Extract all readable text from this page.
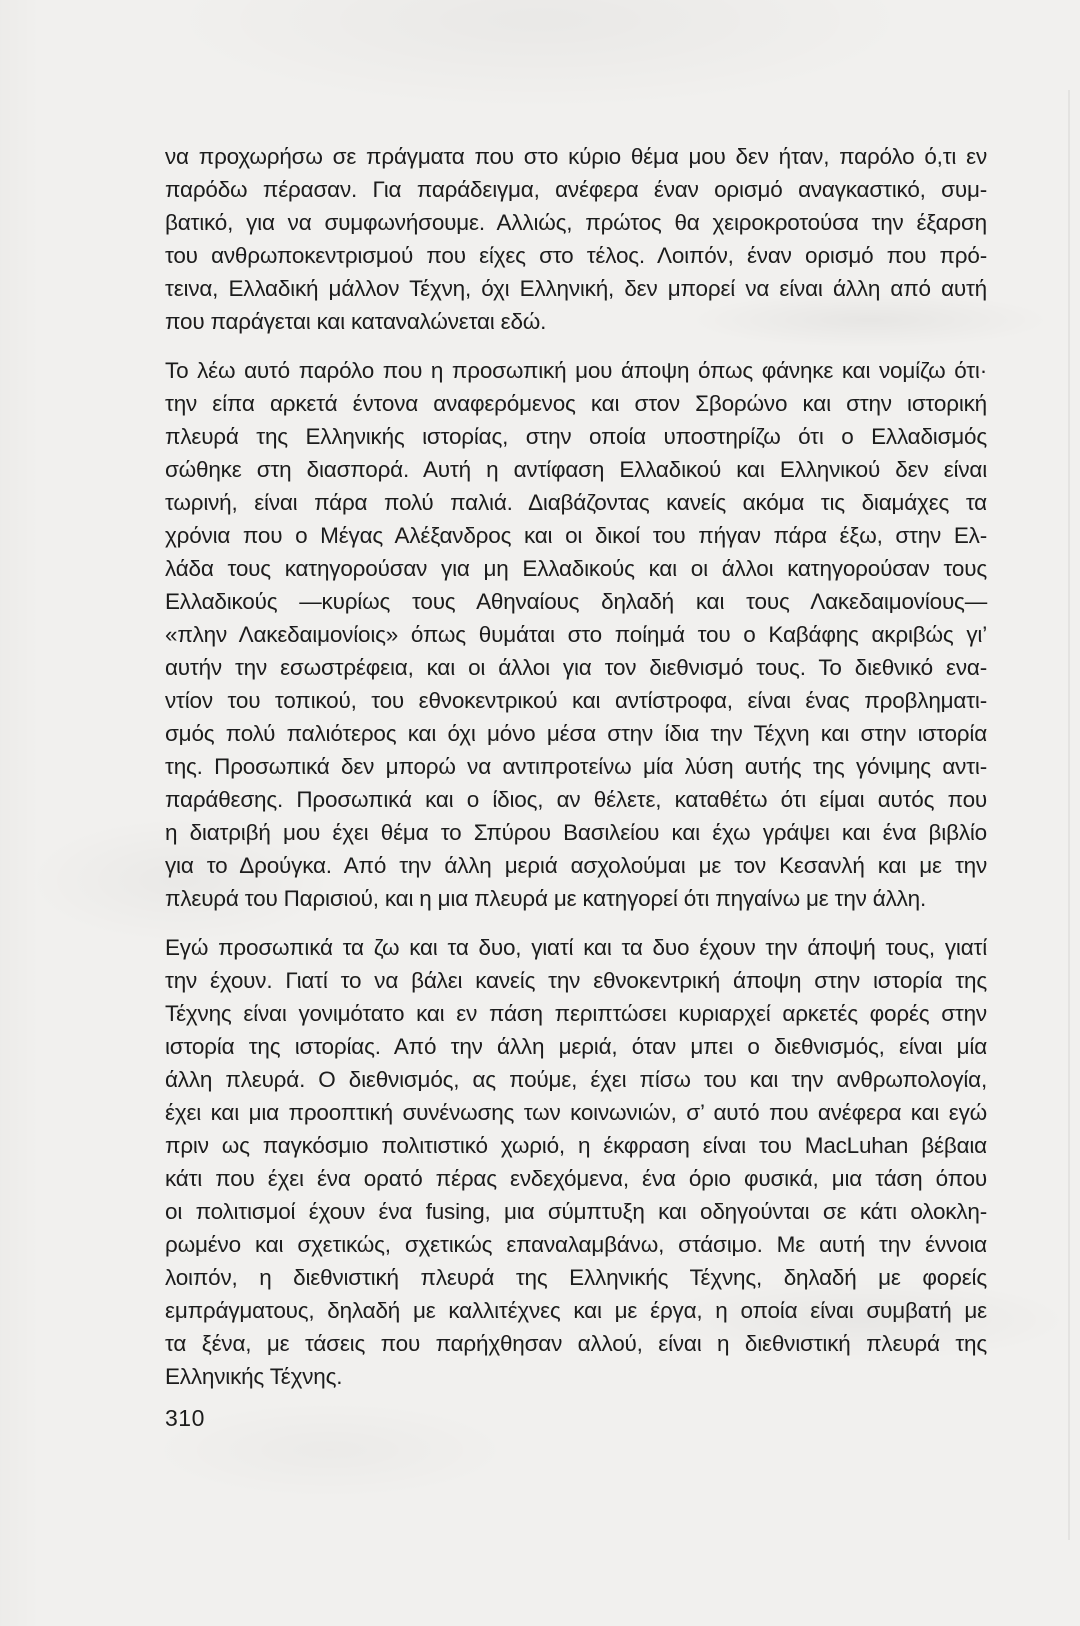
να προχωρήσω σε πράγματα που στο κύριο θέμα μου δεν ήταν, παρόλο ό,τι εν
παρόδω πέρασαν. Για παράδειγμα, ανέφερα έναν ορισμό αναγκαστικό, συμ-
βατικό, για να συμφωνήσουμε. Αλλιώς, πρώτος θα χειροκροτούσα την έξαρση
του ανθρωποκεντρισμού που είχες στο τέλος. Λοιπόν, έναν ορισμό που πρό-
τεινα, Ελλαδική μάλλον Τέχνη, όχι Ελληνική, δεν μπορεί να είναι άλλη από αυτή
που παράγεται και καταναλώνεται εδώ.
Το λέω αυτό παρόλο που η προσωπική μου άποψη όπως φάνηκε και νομίζω ότι·
την είπα αρκετά έντονα αναφερόμενος και στον Σβορώνο και στην ιστορική
πλευρά της Ελληνικής ιστορίας, στην οποία υποστηρίζω ότι ο Ελλαδισμός
σώθηκε στη διασπορά. Αυτή η αντίφαση Ελλαδικού και Ελληνικού δεν είναι
τωρινή, είναι πάρα πολύ παλιά. Διαβάζοντας κανείς ακόμα τις διαμάχες τα
χρόνια που ο Μέγας Αλέξανδρος και οι δικοί του πήγαν πάρα έξω, στην Ελ-
λάδα τους κατηγορούσαν για μη Ελλαδικούς και οι άλλοι κατηγορούσαν τους
Ελλαδικούς —κυρίως τους Αθηναίους δηλαδή και τους Λακεδαιμονίους—
«πλην Λακεδαιμονίοις» όπως θυμάται στο ποίημά του ο Καβάφης ακριβώς γι’
αυτήν την εσωστρέφεια, και οι άλλοι για τον διεθνισμό τους. Το διεθνικό ενα-
ντίον του τοπικού, του εθνοκεντρικού και αντίστροφα, είναι ένας προβληματι-
σμός πολύ παλιότερος και όχι μόνο μέσα στην ίδια την Τέχνη και στην ιστορία
της. Προσωπικά δεν μπορώ να αντιπροτείνω μία λύση αυτής της γόνιμης αντι-
παράθεσης. Προσωπικά και ο ίδιος, αν θέλετε, καταθέτω ότι είμαι αυτός που
η διατριβή μου έχει θέμα το Σπύρου Βασιλείου και έχω γράψει και ένα βιβλίο
για το Δρούγκα. Από την άλλη μεριά ασχολούμαι με τον Κεσανλή και με την
πλευρά του Παρισιού, και η μια πλευρά με κατηγορεί ότι πηγαίνω με την άλλη.
Εγώ προσωπικά τα ζω και τα δυο, γιατί και τα δυο έχουν την άποψή τους, γιατί
την έχουν. Γιατί το να βάλει κανείς την εθνοκεντρική άποψη στην ιστορία της
Τέχνης είναι γονιμότατο και εν πάση περιπτώσει κυριαρχεί αρκετές φορές στην
ιστορία της ιστορίας. Από την άλλη μεριά, όταν μπει ο διεθνισμός, είναι μία
άλλη πλευρά. Ο διεθνισμός, ας πούμε, έχει πίσω του και την ανθρωπολογία,
έχει και μια προοπτική συνένωσης των κοινωνιών, σ’ αυτό που ανέφερα και εγώ
πριν ως παγκόσμιο πολιτιστικό χωριό, η έκφραση είναι του MacLuhan βέβαια
κάτι που έχει ένα ορατό πέρας ενδεχόμενα, ένα όριο φυσικά, μια τάση όπου
οι πολιτισμοί έχουν ένα fusing, μια σύμπτυξη και οδηγούνται σε κάτι ολοκλη-
ρωμένο και σχετικώς, σχετικώς επαναλαμβάνω, στάσιμο. Με αυτή την έννοια
λοιπόν, η διεθνιστική πλευρά της Ελληνικής Τέχνης, δηλαδή με φορείς
εμπράγματους, δηλαδή με καλλιτέχνες και με έργα, η οποία είναι συμβατή με
τα ξένα, με τάσεις που παρήχθησαν αλλού, είναι η διεθνιστική πλευρά της
Ελληνικής Τέχνης.
310
